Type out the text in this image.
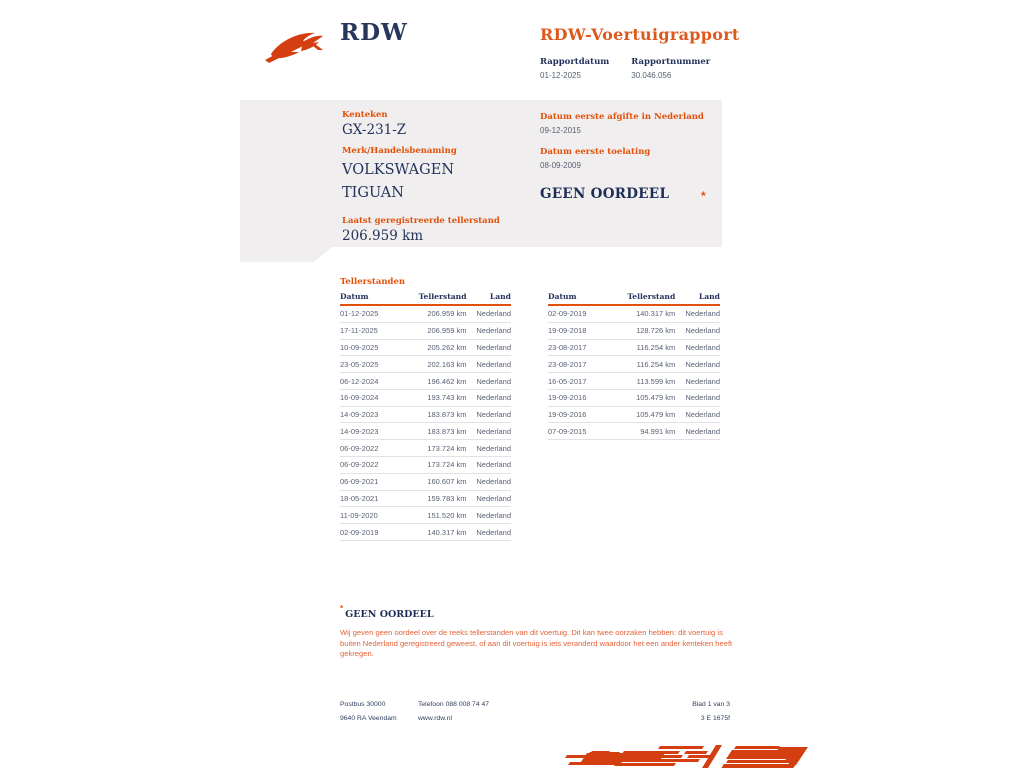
RDW	RDW-Voertuigrapport
Rapportdatum
01-12-2025
Rapportnummer
30.046.056
Kenteken
GX-231-Z
Merk/Handelsbenaming
VOLKSWAGEN
TIGUAN
Laatst geregistreerde tellerstand
206.959 km
Datum eerste afgifte in Nederland
09-12-2015
Datum eerste toelating
08-09-2009
GEEN OORDEEL	*
Tellerstanden
Datum	Tellerstand	Land
01-12-2025	206.959 km	Nederland
17-11-2025	206.959 km	Nederland
10-09-2025	205.262 km	Nederland
23-05-2025	202.163 km	Nederland
06-12-2024	196.462 km	Nederland
16-09-2024	193.743 km	Nederland
14-09-2023	183.873 km	Nederland
14-09-2023	183.873 km	Nederland
06-09-2022	173.724 km	Nederland
06-09-2022	173.724 km	Nederland
06-09-2021	160.607 km	Nederland
18-05-2021	159.783 km	Nederland
11-09-2020	151.520 km	Nederland
02-09-2019	140.317 km	Nederland
Datum	Tellerstand	Land
02-09-2019	140.317 km	Nederland
19-09-2018	128.726 km	Nederland
23-08-2017	116.254 km	Nederland
23-08-2017	116.254 km	Nederland
16-05-2017	113.599 km	Nederland
19-09-2016	105.479 km	Nederland
19-09-2016	105.479 km	Nederland
07-09-2015	94.991 km	Nederland
*GEEN OORDEEL
Wij geven geen oordeel over de reeks tellerstanden van dit voertuig. Dit kan twee oorzaken hebben: dit voertuig is buiten Nederland geregistreerd geweest, of aan dit voertuig is iets veranderd waardoor het een ander kenteken heeft gekregen.
Postbus 30000	Telefoon 088 008 74 47	Blad 1 van 3
9640 RA Veendam	www.rdw.nl	3 E 1675f
